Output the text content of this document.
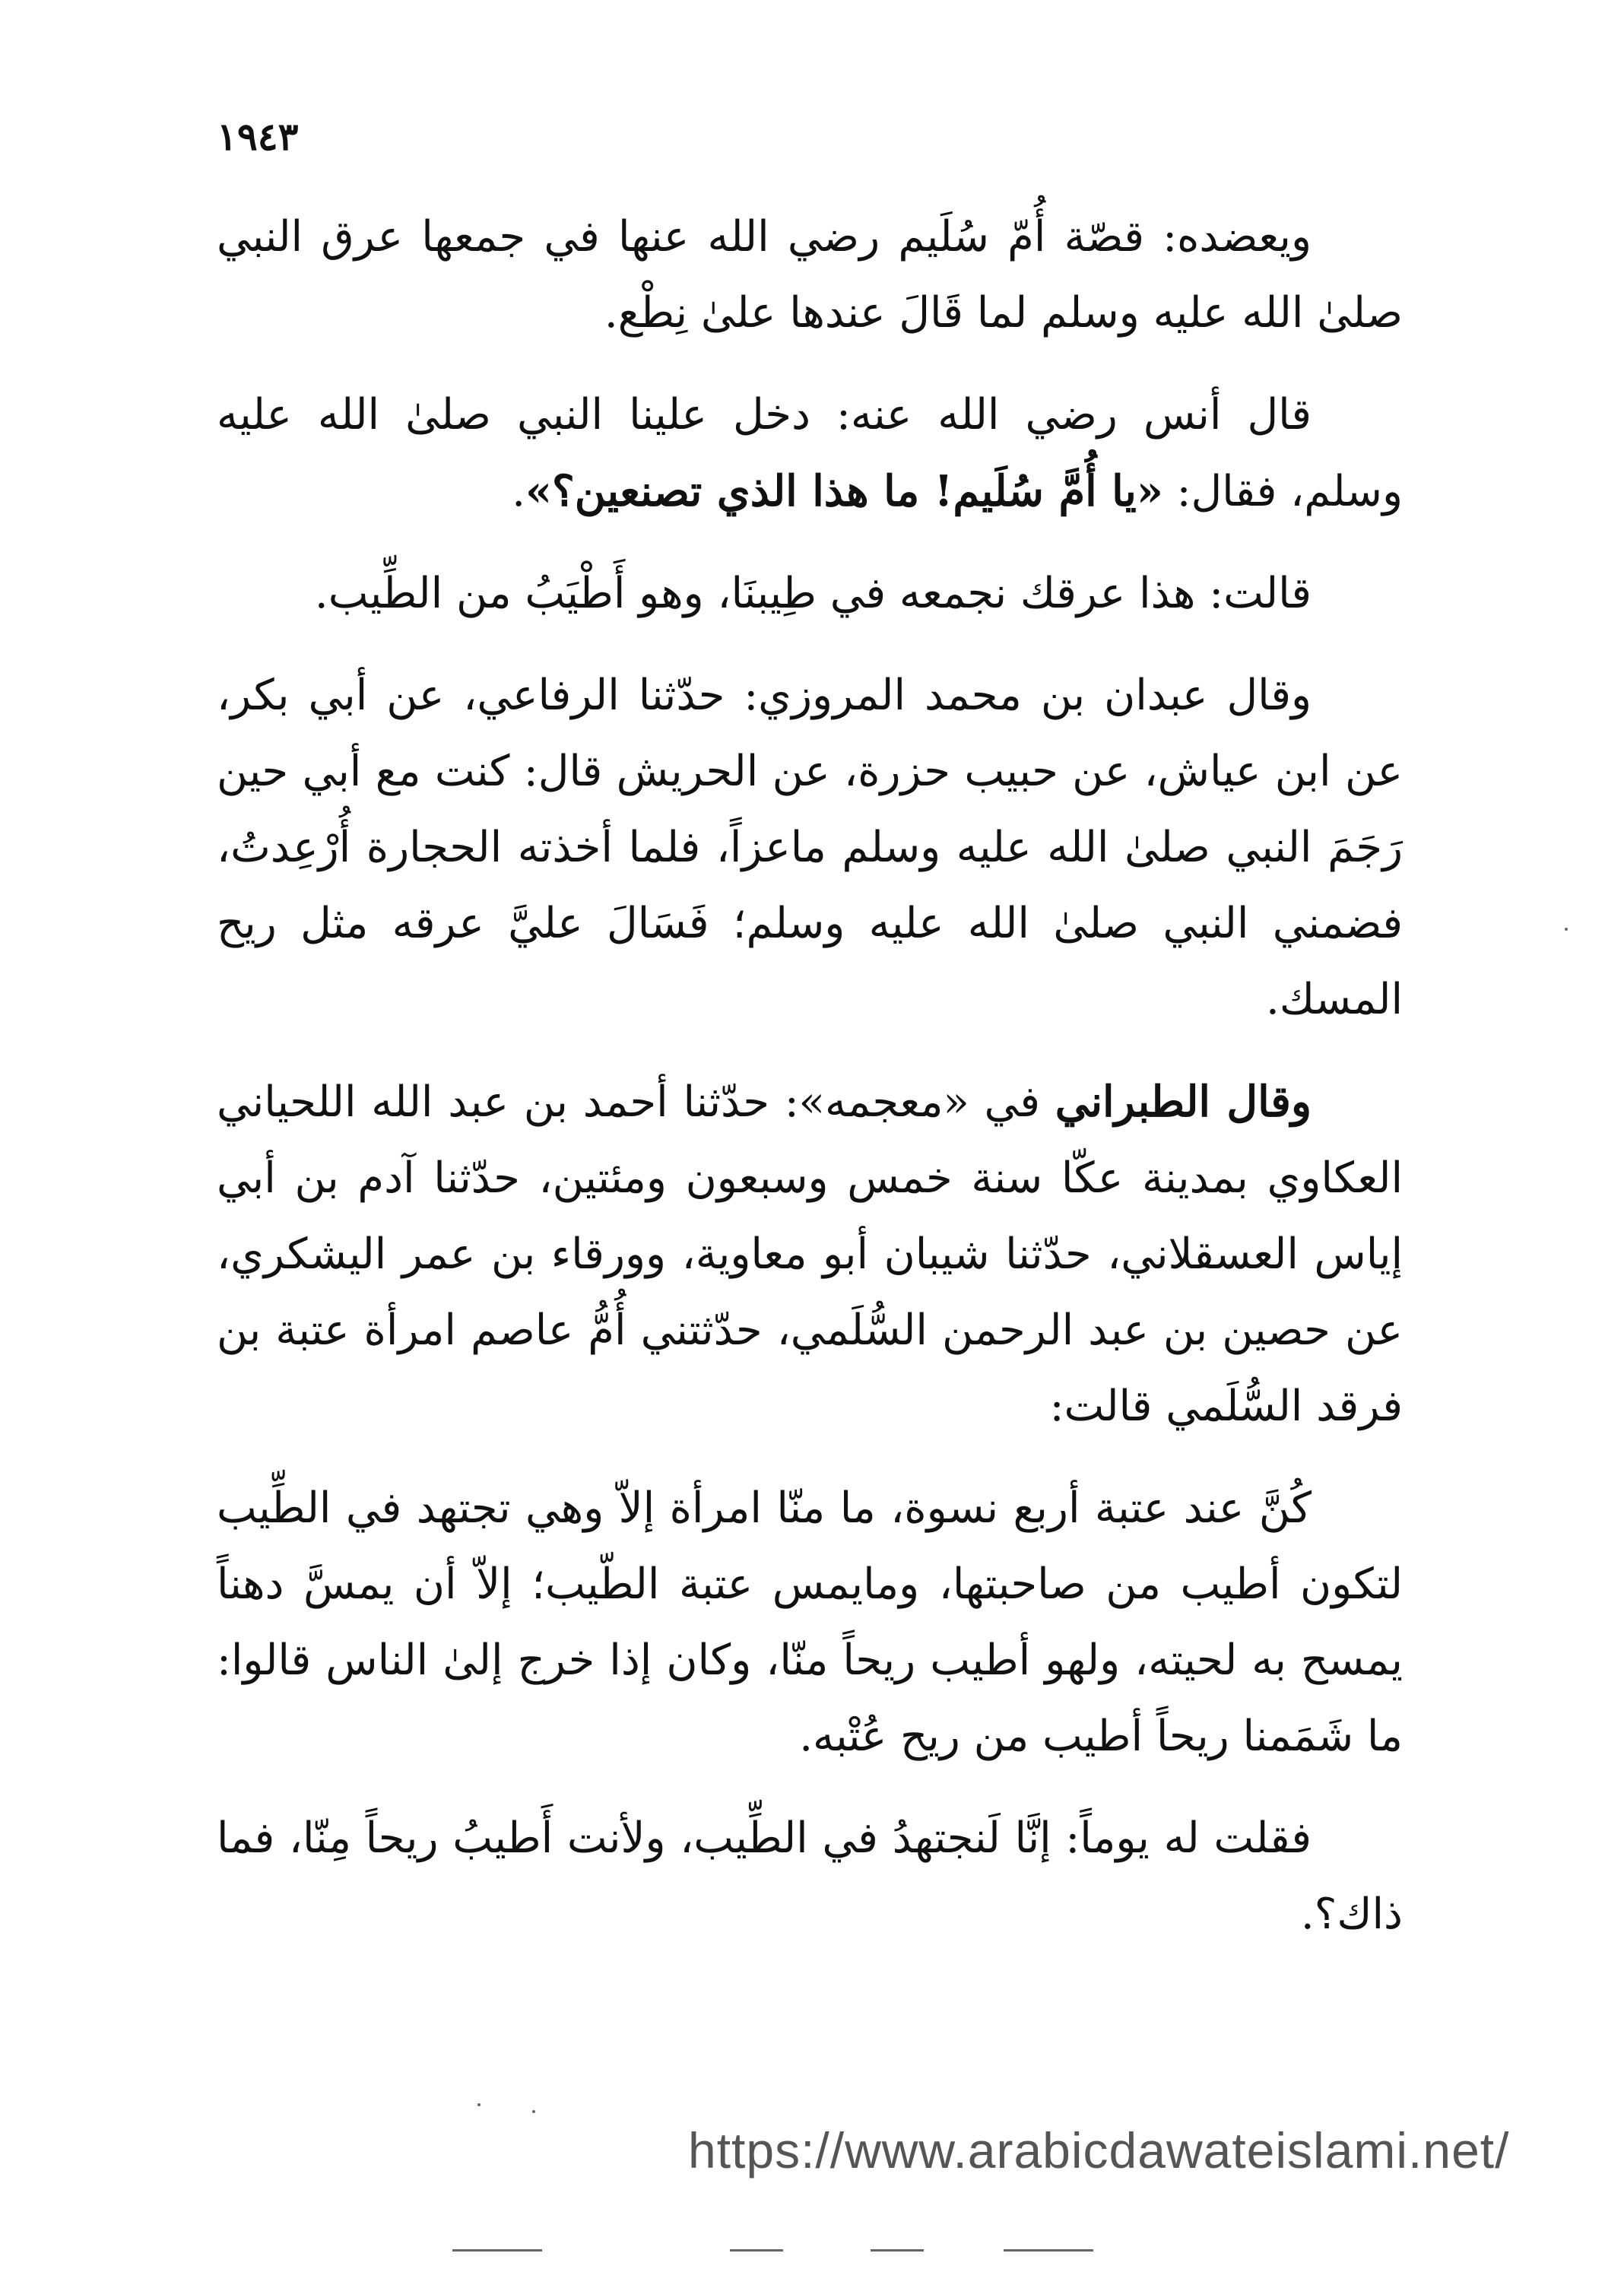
١٩٤٣

ويعضده: قصّة أُمّ سُلَيم رضي الله عنها في جمعها عرق النبي صلىٰ الله عليه وسلم لما قَالَ عندها علىٰ نِطْع.

قال أنس رضي الله عنه: دخل علينا النبي صلىٰ الله عليه وسلم، فقال: «يا أُمَّ سُلَيم! ما هذا الذي تصنعين؟».

قالت: هذا عرقك نجمعه في طِيبنَا، وهو أَطْيَبُ من الطِّيب.

وقال عبدان بن محمد المروزي: حدّثنا الرفاعي، عن أبي بكر، عن ابن عياش، عن حبيب حزرة، عن الحريش قال: كنت مع أبي حين رَجَمَ النبي صلىٰ الله عليه وسلم ماعزاً، فلما أخذته الحجارة أُرْعِدتُ، فضمني النبي صلىٰ الله عليه وسلم؛ فَسَالَ عليَّ عرقه مثل ريح المسك.

وقال الطبراني في «معجمه»: حدّثنا أحمد بن عبد الله اللحياني العكاوي بمدينة عكّا سنة خمس وسبعون ومئتين، حدّثنا آدم بن أبي إياس العسقلاني، حدّثنا شيبان أبو معاوية، وورقاء بن عمر اليشكري، عن حصين بن عبد الرحمن السُّلَمي، حدّثتني أُمُّ عاصم امرأة عتبة بن فرقد السُّلَمي قالت:

كُنَّ عند عتبة أربع نسوة، ما منّا امرأة إلاّ وهي تجتهد في الطِّيب لتكون أطيب من صاحبتها، ومايمس عتبة الطّيب؛ إلاّ أن يمسَّ دهناً يمسح به لحيته، ولهو أطيب ريحاً منّا، وكان إذا خرج إلىٰ الناس قالوا: ما شَمَمنا ريحاً أطيب من ريح عُتْبه.

فقلت له يوماً: إنَّا لَنجتهدُ في الطِّيب، ولأنت أَطيبُ ريحاً مِنّا، فما ذاك؟.

https://www.arabicdawateislami.net/
